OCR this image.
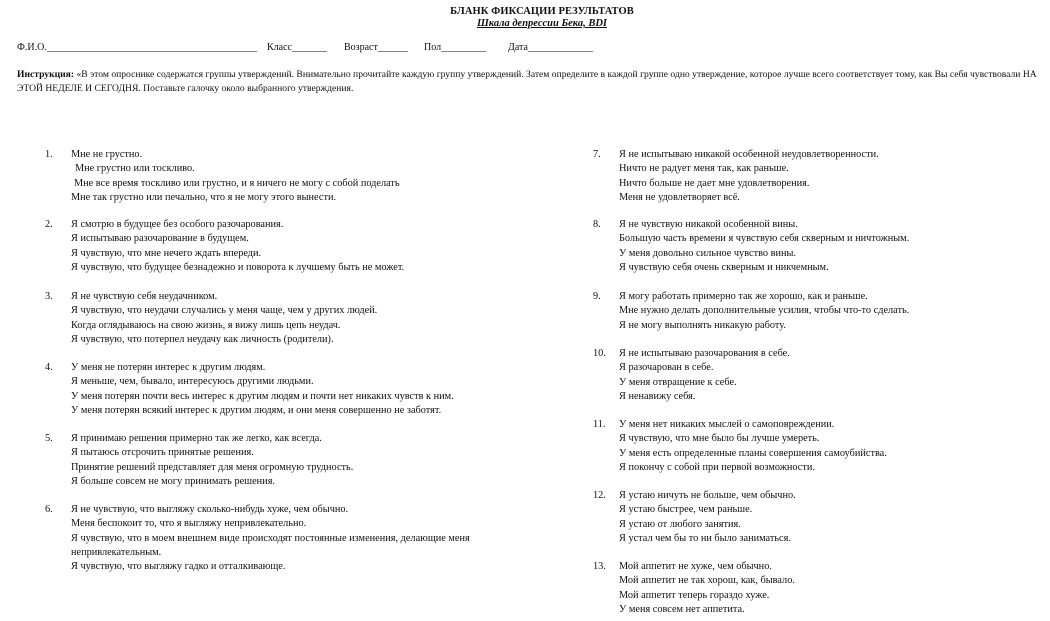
БЛАНК ФИКСАЦИИ РЕЗУЛЬТАТОВ
Шкала депрессии Бека, BDI
Ф.И.О.__________________________________________ Класс_______ Возраст______ Пол_________ Дата_____________
Инструкция: «В этом опроснике содержатся группы утверждений. Внимательно прочитайте каждую группу утверждений. Затем определите в каждой группе одно утверждение, которое лучше всего соответствует тому, как Вы себя чувствовали НА ЭТОЙ НЕДЕЛЕ И СЕГОДНЯ. Поставьте галочку около выбранного утверждения.
1. Мне не грустно.
Мне грустно или тоскливо.
Мне все время тоскливо или грустно, и я ничего не могу с собой поделать
Мне так грустно или печально, что я не могу этого вынести.
2. Я смотрю в будущее без особого разочарования.
Я испытываю разочарование в будущем.
Я чувствую, что мне нечего ждать впереди.
Я чувствую, что будущее безнадежно и поворота к лучшему быть не может.
3. Я не чувствую себя неудачником.
Я чувствую, что неудачи случались у меня чаще, чем у других людей.
Когда оглядываюсь на свою жизнь, я вижу лишь цепь неудач.
Я чувствую, что потерпел неудачу как личность (родители).
4. У меня не потерян интерес к другим людям.
Я меньше, чем, бывало, интересуюсь другими людьми.
У меня потерян почти весь интерес к другим людям и почти нет никаких чувств к ним.
У меня потерян всякий интерес к другим людям, и они меня совершенно не заботят.
5. Я принимаю решения примерно так же легко, как всегда.
Я пытаюсь отсрочить принятые решения.
Принятие решений представляет для меня огромную трудность.
Я больше совсем не могу принимать решения.
6. Я не чувствую, что выгляжу сколько-нибудь хуже, чем обычно.
Меня беспокоит то, что я выгляжу непривлекательно.
Я чувствую, что в моем внешнем виде происходят постоянные изменения, делающие меня непривлекательным.
Я чувствую, что выгляжу гадко и отталкивающе.
7. Я не испытываю никакой особенной неудовлетворенности.
Ничто не радует меня так, как раньше.
Ничто больше не дает мне удовлетворения.
Меня не удовлетворяет всё.
8. Я не чувствую никакой особенной вины.
Большую часть времени я чувствую себя скверным и ничтожным.
У меня довольно сильное чувство вины.
Я чувствую себя очень скверным и никчемным.
9. Я могу работать примерно так же хорошо, как и раньше.
Мне нужно делать дополнительные усилия, чтобы что-то сделать.
Я не могу выполнять никакую работу.
10. Я не испытываю разочарования в себе.
Я разочарован в себе.
У меня отвращение к себе.
Я ненавижу себя.
11. У меня нет никаких мыслей о самоповреждении.
Я чувствую, что мне было бы лучше умереть.
У меня есть определенные планы совершения самоубийства.
Я покончу с собой при первой возможности.
12. Я устаю ничуть не больше, чем обычно.
Я устаю быстрее, чем раньше.
Я устаю от любого занятия.
Я устал чем бы то ни было заниматься.
13. Мой аппетит не хуже, чем обычно.
Мой аппетит не так хорош, как, бывало.
Мой аппетит теперь гораздо хуже.
У меня совсем нет аппетита.
